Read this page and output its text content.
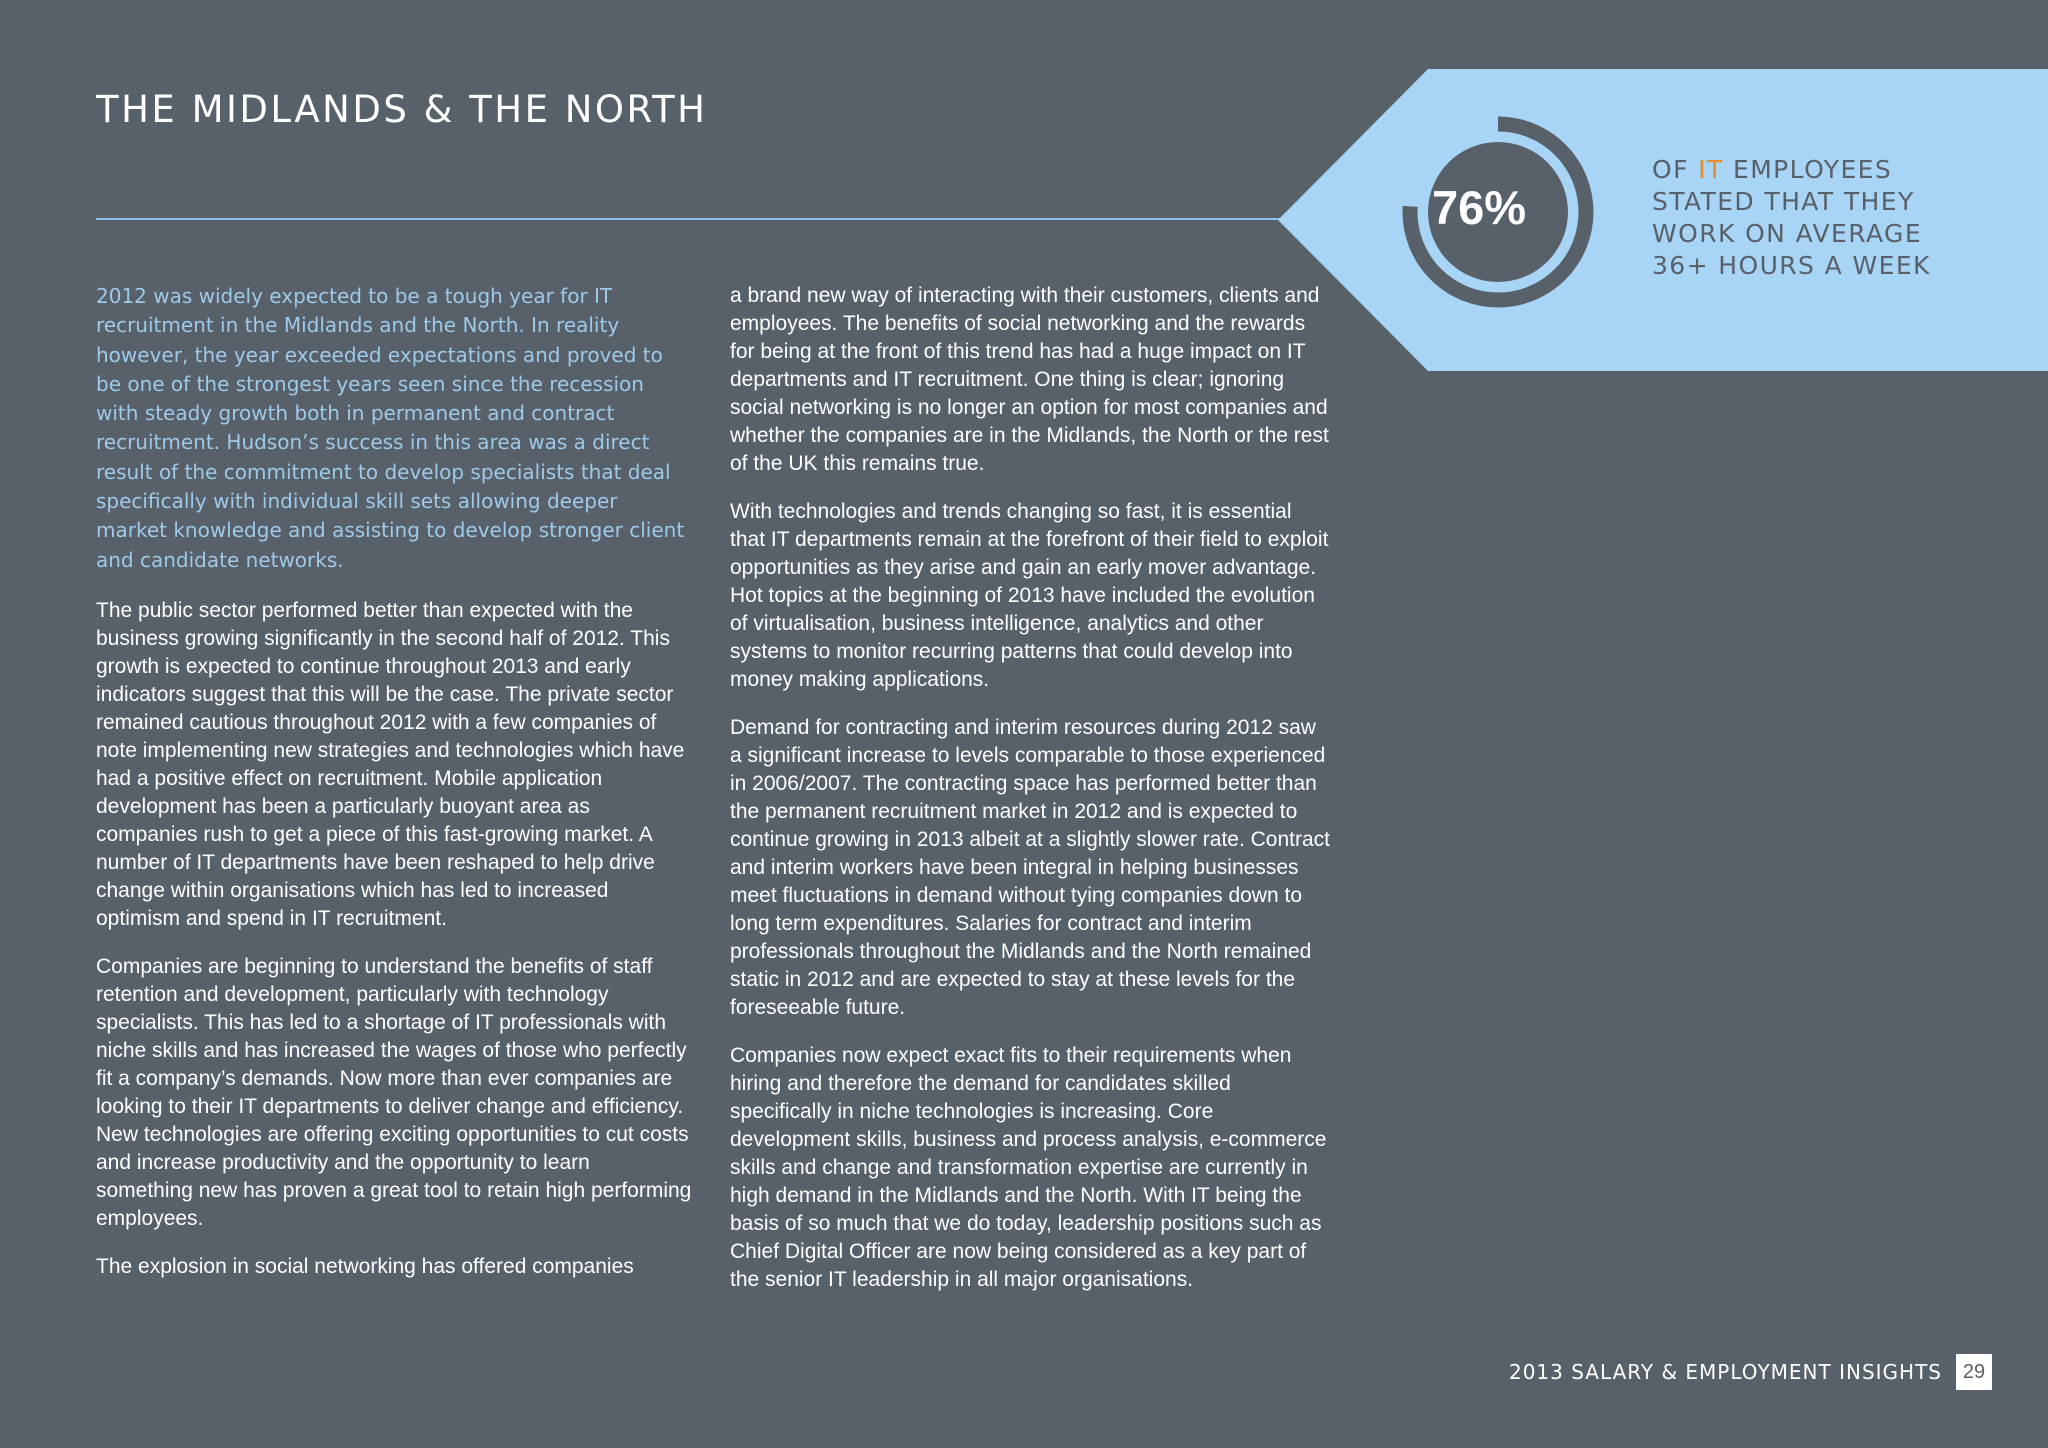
THE MIDLANDS & THE NORTH

2012 was widely expected to be a tough year for IT recruitment in the Midlands and the North. In reality however, the year exceeded expectations and proved to be one of the strongest years seen since the recession with steady growth both in permanent and contract recruitment. Hudson’s success in this area was a direct result of the commitment to develop specialists that deal specifically with individual skill sets allowing deeper market knowledge and assisting to develop stronger client and candidate networks.

The public sector performed better than expected with the business growing significantly in the second half of 2012. This growth is expected to continue throughout 2013 and early indicators suggest that this will be the case. The private sector remained cautious throughout 2012 with a few companies of note implementing new strategies and technologies which have had a positive effect on recruitment. Mobile application development has been a particularly buoyant area as companies rush to get a piece of this fast-growing market. A number of IT departments have been reshaped to help drive change within organisations which has led to increased optimism and spend in IT recruitment.

Companies are beginning to understand the benefits of staff retention and development, particularly with technology specialists. This has led to a shortage of IT professionals with niche skills and has increased the wages of those who perfectly fit a company’s demands. Now more than ever companies are looking to their IT departments to deliver change and efficiency. New technologies are offering exciting opportunities to cut costs and increase productivity and the opportunity to learn something new has proven a great tool to retain high performing employees.

The explosion in social networking has offered companies

a brand new way of interacting with their customers, clients and employees. The benefits of social networking and the rewards for being at the front of this trend has had a huge impact on IT departments and IT recruitment. One thing is clear; ignoring social networking is no longer an option for most companies and whether the companies are in the Midlands, the North or the rest of the UK this remains true.

With technologies and trends changing so fast, it is essential that IT departments remain at the forefront of their field to exploit opportunities as they arise and gain an early mover advantage. Hot topics at the beginning of 2013 have included the evolution of virtualisation, business intelligence, analytics and other systems to monitor recurring patterns that could develop into money making applications.

Demand for contracting and interim resources during 2012 saw a significant increase to levels comparable to those experienced in 2006/2007. The contracting space has performed better than the permanent recruitment market in 2012 and is expected to continue growing in 2013 albeit at a slightly slower rate. Contract and interim workers have been integral in helping businesses meet fluctuations in demand without tying companies down to long term expenditures. Salaries for contract and interim professionals throughout the Midlands and the North remained static in 2012 and are expected to stay at these levels for the foreseeable future.

Companies now expect exact fits to their requirements when hiring and therefore the demand for candidates skilled specifically in niche technologies is increasing. Core development skills, business and process analysis, e-commerce skills and change and transformation expertise are currently in high demand in the Midlands and the North. With IT being the basis of so much that we do today, leadership positions such as Chief Digital Officer are now being considered as a key part of the senior IT leadership in all major organisations.

76%
OF IT EMPLOYEES
STATED THAT THEY
WORK ON AVERAGE
36+ HOURS A WEEK
2013 SALARY & EMPLOYMENT INSIGHTS	29
